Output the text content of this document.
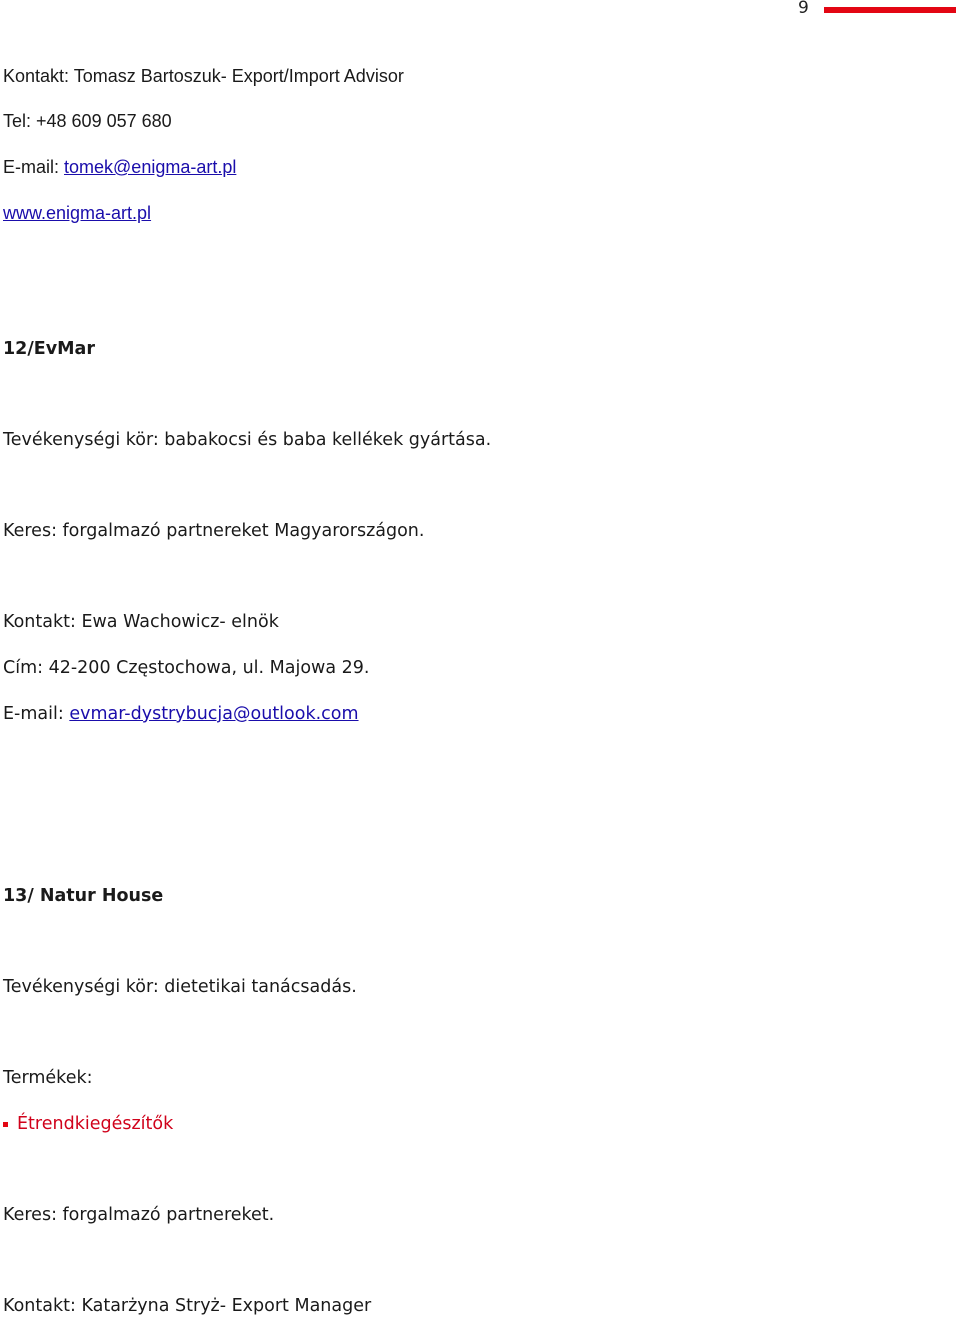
9
Kontakt: Tomasz Bartoszuk- Export/Import Advisor
Tel: +48 609 057 680
E-mail: tomek@enigma-art.pl
www.enigma-art.pl
12/EvMar
Tevékenységi kör: babakocsi és baba kellékek gyártása.
Keres: forgalmazó partnereket Magyarországon.
Kontakt: Ewa Wachowicz- elnök
Cím: 42-200 Częstochowa, ul. Majowa 29.
E-mail: evmar-dystrybucja@outlook.com
13/ Natur House
Tevékenységi kör: dietetikai tanácsadás.
Termékek:
Étrendkiegészítők
Keres: forgalmazó partnereket.
Kontakt: Katarżyna Stryż- Export Manager
